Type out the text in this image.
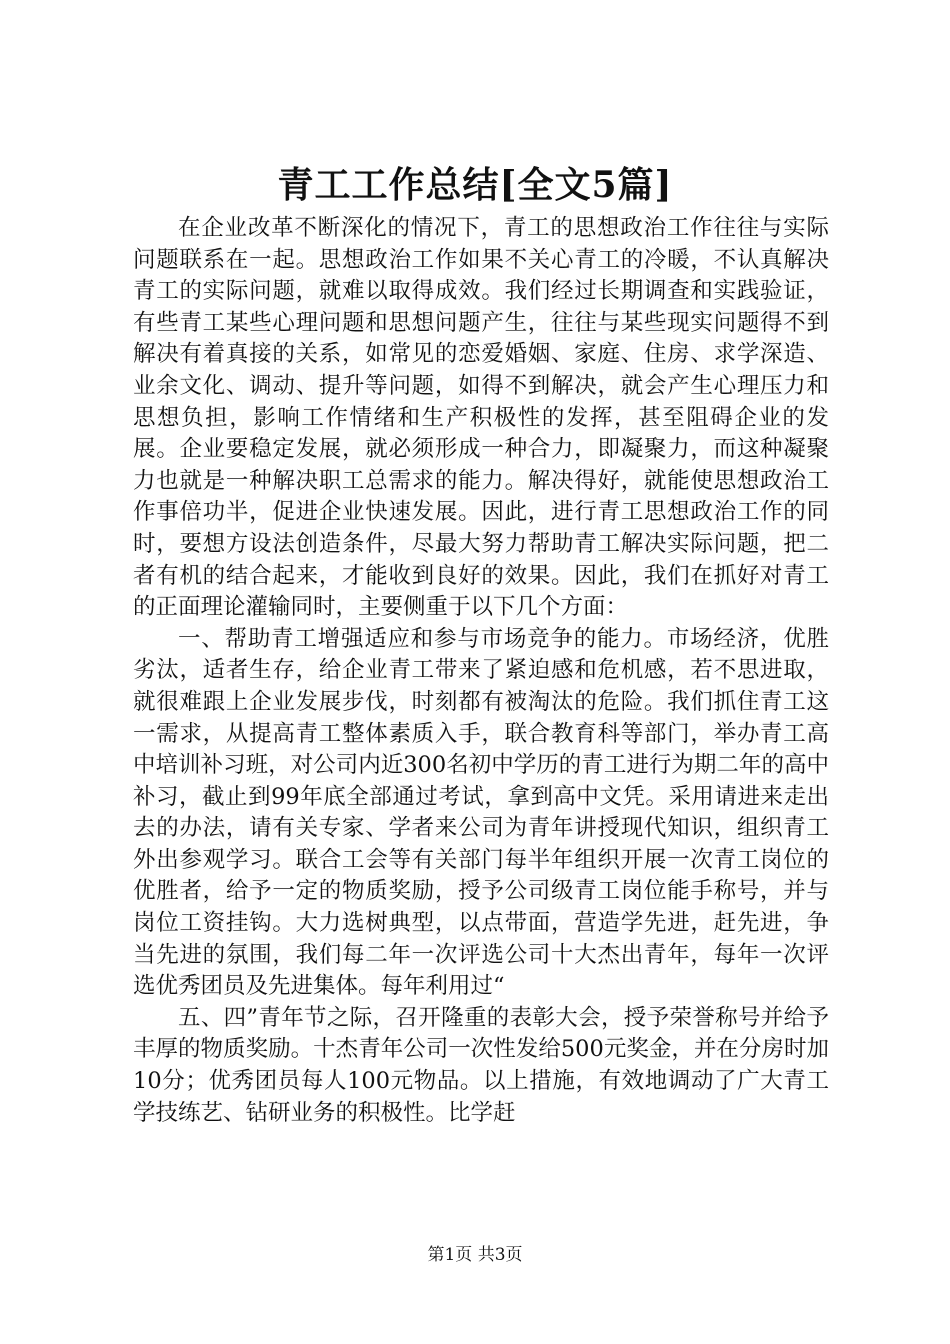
青工工作总结[全文5篇]

在企业改革不断深化的情况下，青工的思想政治工作往往与实际问题联系在一起。思想政治工作如果不关心青工的冷暖，不认真解决青工的实际问题，就难以取得成效。我们经过长期调查和实践验证，有些青工某些心理问题和思想问题产生，往往与某些现实问题得不到解决有着真接的关系，如常见的恋爱婚姻、家庭、住房、求学深造、业余文化、调动、提升等问题，如得不到解决，就会产生心理压力和思想负担，影响工作情绪和生产积极性的发挥，甚至阻碍企业的发展。企业要稳定发展，就必须形成一种合力，即凝聚力，而这种凝聚力也就是一种解决职工总需求的能力。解决得好，就能使思想政治工作事倍功半，促进企业快速发展。因此，进行青工思想政治工作的同时，要想方设法创造条件，尽最大努力帮助青工解决实际问题，把二者有机的结合起来，才能收到良好的效果。因此，我们在抓好对青工的正面理论灌输同时，主要侧重于以下几个方面：

一、帮助青工增强适应和参与市场竞争的能力。市场经济，优胜劣汰，适者生存，给企业青工带来了紧迫感和危机感，若不思进取，就很难跟上企业发展步伐，时刻都有被淘汰的危险。我们抓住青工这一需求，从提高青工整体素质入手，联合教育科等部门，举办青工高中培训补习班，对公司内近300名初中学历的青工进行为期二年的高中补习，截止到99年底全部通过考试，拿到高中文凭。采用请进来走出去的办法，请有关专家、学者来公司为青年讲授现代知识，组织青工外出参观学习。联合工会等有关部门每半年组织开展一次青工岗位的优胜者，给予一定的物质奖励，授予公司级青工岗位能手称号，并与岗位工资挂钩。大力选树典型，以点带面，营造学先进，赶先进，争当先进的氛围，我们每二年一次评选公司十大杰出青年，每年一次评选优秀团员及先进集体。每年利用过“

五、四”青年节之际，召开隆重的表彰大会，授予荣誉称号并给予丰厚的物质奖励。十杰青年公司一次性发给500元奖金，并在分房时加10分；优秀团员每人100元物品。以上措施，有效地调动了广大青工学技练艺、钻研业务的积极性。比学赶

第1页 共3页
